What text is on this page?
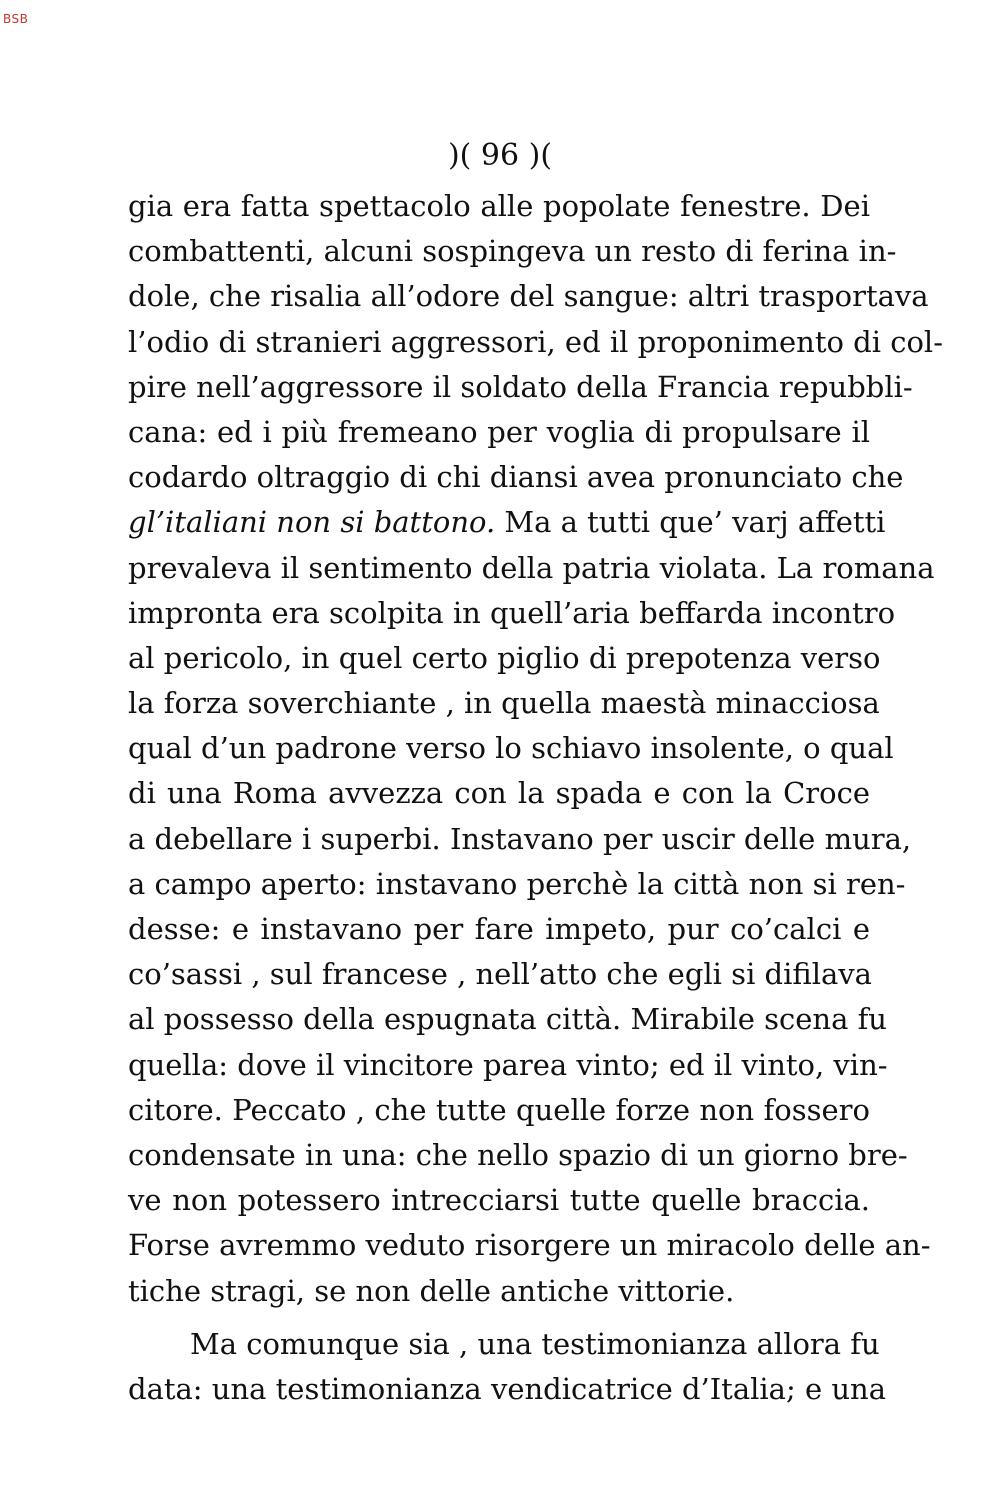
BSB
)( 96 )(
gia era fatta spettacolo alle popolate fenestre. Dei
combattenti, alcuni sospingeva un resto di ferina in-
dole, che risalia all’odore del sangue: altri trasportava
l’odio di stranieri aggressori, ed il proponimento di col-
pire nell’aggressore il soldato della Francia repubbli-
cana: ed i più fremeano per voglia di propulsare il
codardo oltraggio di chi diansi avea pronunciato che
gl’italiani non si battono. Ma a tutti que’ varj affetti
prevaleva il sentimento della patria violata. La romana
impronta era scolpita in quell’aria beffarda incontro
al pericolo, in quel certo piglio di prepotenza verso
la forza soverchiante , in quella maestà minacciosa
qual d’un padrone verso lo schiavo insolente, o qual
di una Roma avvezza con la spada e con la Croce
a debellare i superbi. Instavano per uscir delle mura,
a campo aperto: instavano perchè la città non si ren-
desse: e instavano per fare impeto, pur co’calci e
co’sassi , sul francese , nell’atto che egli si difilava
al possesso della espugnata città. Mirabile scena fu
quella: dove il vincitore parea vinto; ed il vinto, vin-
citore. Peccato , che tutte quelle forze non fossero
condensate in una: che nello spazio di un giorno bre-
ve non potessero intrecciarsi tutte quelle braccia.
Forse avremmo veduto risorgere un miracolo delle an-
tiche stragi, se non delle antiche vittorie.
Ma comunque sia , una testimonianza allora fu
data: una testimonianza vendicatrice d’Italia; e una
